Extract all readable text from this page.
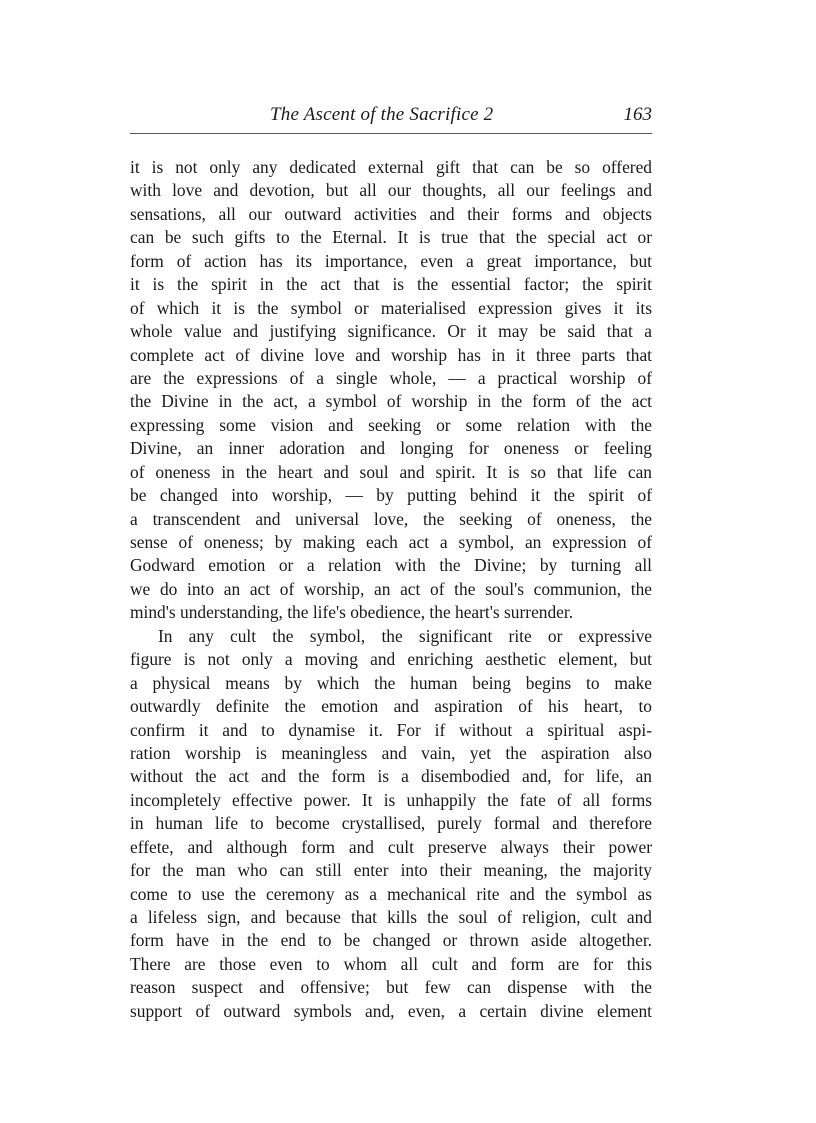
The Ascent of the Sacrifice 2	163
it is not only any dedicated external gift that can be so offered
with love and devotion, but all our thoughts, all our feelings and
sensations, all our outward activities and their forms and objects
can be such gifts to the Eternal. It is true that the special act or
form of action has its importance, even a great importance, but
it is the spirit in the act that is the essential factor; the spirit
of which it is the symbol or materialised expression gives it its
whole value and justifying significance. Or it may be said that a
complete act of divine love and worship has in it three parts that
are the expressions of a single whole, — a practical worship of
the Divine in the act, a symbol of worship in the form of the act
expressing some vision and seeking or some relation with the
Divine, an inner adoration and longing for oneness or feeling
of oneness in the heart and soul and spirit. It is so that life can
be changed into worship, — by putting behind it the spirit of
a transcendent and universal love, the seeking of oneness, the
sense of oneness; by making each act a symbol, an expression of
Godward emotion or a relation with the Divine; by turning all
we do into an act of worship, an act of the soul's communion, the
mind's understanding, the life's obedience, the heart's surrender.
In any cult the symbol, the significant rite or expressive
figure is not only a moving and enriching aesthetic element, but
a physical means by which the human being begins to make
outwardly definite the emotion and aspiration of his heart, to
confirm it and to dynamise it. For if without a spiritual aspi-
ration worship is meaningless and vain, yet the aspiration also
without the act and the form is a disembodied and, for life, an
incompletely effective power. It is unhappily the fate of all forms
in human life to become crystallised, purely formal and therefore
effete, and although form and cult preserve always their power
for the man who can still enter into their meaning, the majority
come to use the ceremony as a mechanical rite and the symbol as
a lifeless sign, and because that kills the soul of religion, cult and
form have in the end to be changed or thrown aside altogether.
There are those even to whom all cult and form are for this
reason suspect and offensive; but few can dispense with the
support of outward symbols and, even, a certain divine element
